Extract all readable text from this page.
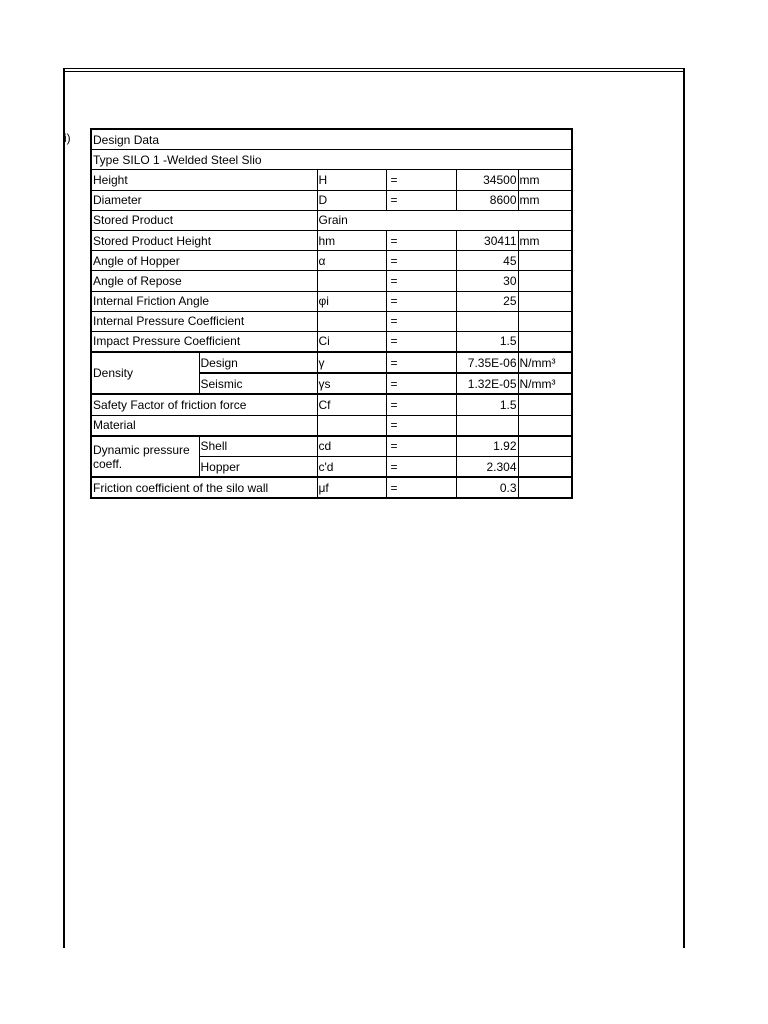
i) Design Data					
Type SILO 1 -Welded Steel Slio					
Height		H	=	34500	mm
Diameter		D	=	8600	mm
Stored Product		Grain			
Stored Product Height		hm	=	30411	mm
Angle of Hopper		α	=	45	
Angle of Repose			=	30	
Internal Friction Angle		φi	=	25	
Internal Pressure Coefficient			=		
Impact Pressure Coefficient		Ci	=	1.5	
Density	Design	γ	=	7.35E-06	N/mm³
	Seismic	γs	=	1.32E-05	N/mm³
Safety Factor of friction force		Cf	=	1.5	
Material			=		
Dynamic pressure coeff.	Shell	cd	=	1.92	
	Hopper	c'd	=	2.304	
Friction coefficient of the silo wall		μf	=	0.3	
